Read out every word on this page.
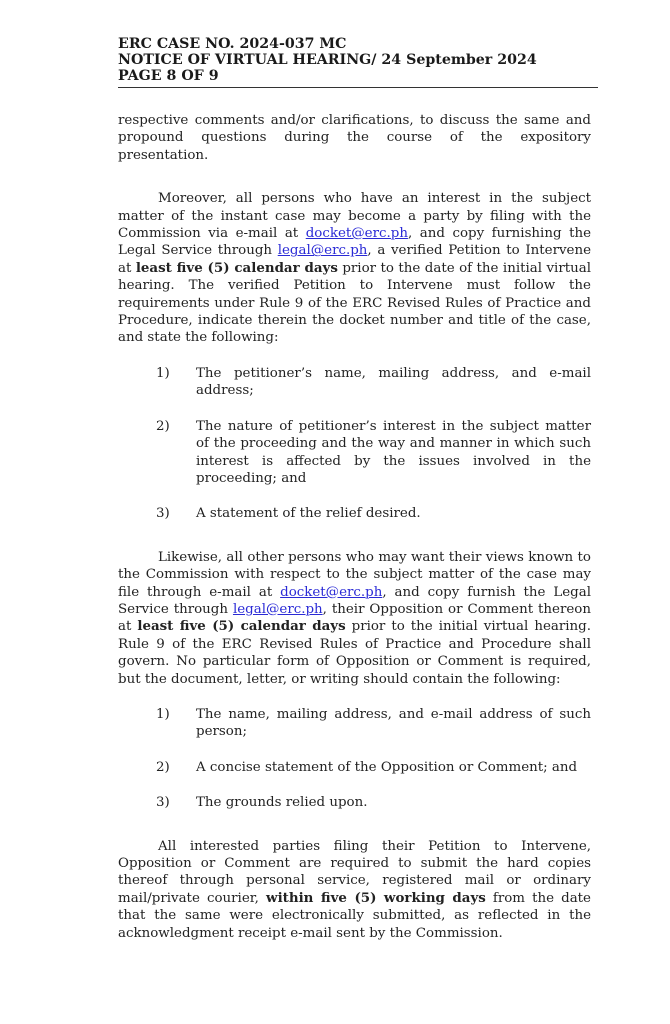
ERC CASE NO. 2024-037 MC
NOTICE OF VIRTUAL HEARING/ 24 September 2024
PAGE 8 OF 9

respective comments and/or clarifications, to discuss the same and propound questions during the course of the expository presentation.

Moreover, all persons who have an interest in the subject matter of the instant case may become a party by filing with the Commission via e-mail at docket@erc.ph, and copy furnishing the Legal Service through legal@erc.ph, a verified Petition to Intervene at least five (5) calendar days prior to the date of the initial virtual hearing. The verified Petition to Intervene must follow the requirements under Rule 9 of the ERC Revised Rules of Practice and Procedure, indicate therein the docket number and title of the case, and state the following:

1)	The petitioner’s name, mailing address, and e-mail address;
2)	The nature of petitioner’s interest in the subject matter of the proceeding and the way and manner in which such interest is affected by the issues involved in the proceeding; and
3)	A statement of the relief desired.

Likewise, all other persons who may want their views known to the Commission with respect to the subject matter of the case may file through e-mail at docket@erc.ph, and copy furnish the Legal Service through legal@erc.ph, their Opposition or Comment thereon at least five (5) calendar days prior to the initial virtual hearing. Rule 9 of the ERC Revised Rules of Practice and Procedure shall govern. No particular form of Opposition or Comment is required, but the document, letter, or writing should contain the following:

1)	The name, mailing address, and e-mail address of such person;
2)	A concise statement of the Opposition or Comment; and
3)	The grounds relied upon.

All interested parties filing their Petition to Intervene, Opposition or Comment are required to submit the hard copies thereof through personal service, registered mail or ordinary mail/private courier, within five (5) working days from the date that the same were electronically submitted, as reflected in the acknowledgment receipt e-mail sent by the Commission.
